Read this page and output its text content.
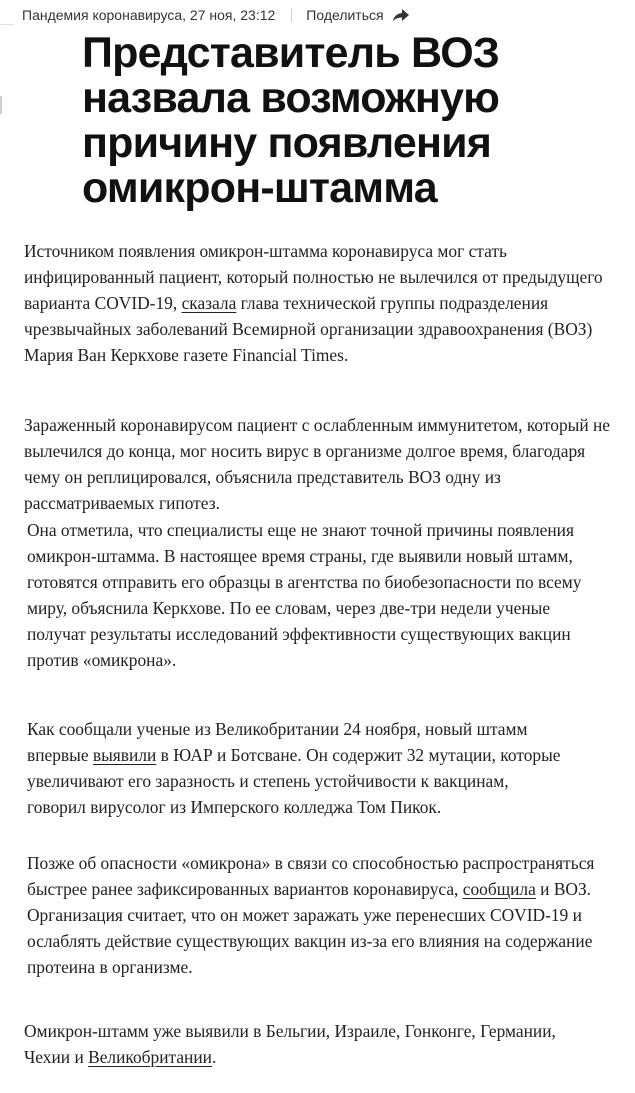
Пандемия коронавируса, 27 ноя, 23:12 Поделиться
Представитель ВОЗ назвала возможную причину появления омикрон-штамма

Источником появления омикрон-штамма коронавируса мог стать инфицированный пациент, который полностью не вылечился от предыдущего варианта COVID-19, сказала глава технической группы подразделения чрезвычайных заболеваний Всемирной организации здравоохранения (ВОЗ) Мария Ван Керкхове газете Financial Times.

Зараженный коронавирусом пациент с ослабленным иммунитетом, который не вылечился до конца, мог носить вирус в организме долгое время, благодаря чему он реплицировался, объяснила представитель ВОЗ одну из рассматриваемых гипотез.

Она отметила, что специалисты еще не знают точной причины появления омикрон-штамма. В настоящее время страны, где выявили новый штамм, готовятся отправить его образцы в агентства по биобезопасности по всему миру, объяснила Керкхове. По ее словам, через две-три недели ученые получат результаты исследований эффективности существующих вакцин против «омикрона».

Как сообщали ученые из Великобритании 24 ноября, новый штамм впервые выявили в ЮАР и Ботсване. Он содержит 32 мутации, которые увеличивают его заразность и степень устойчивости к вакцинам, говорил вирусолог из Имперского колледжа Том Пикок.

Позже об опасности «омикрона» в связи со способностью распространяться быстрее ранее зафиксированных вариантов коронавируса, сообщила и ВОЗ. Организация считает, что он может заражать уже перенесших COVID-19 и ослаблять действие существующих вакцин из-за его влияния на содержание протеина в организме.

Омикрон-штамм уже выявили в Бельгии, Израиле, Гонконге, Германии, Чехии и Великобритании.
